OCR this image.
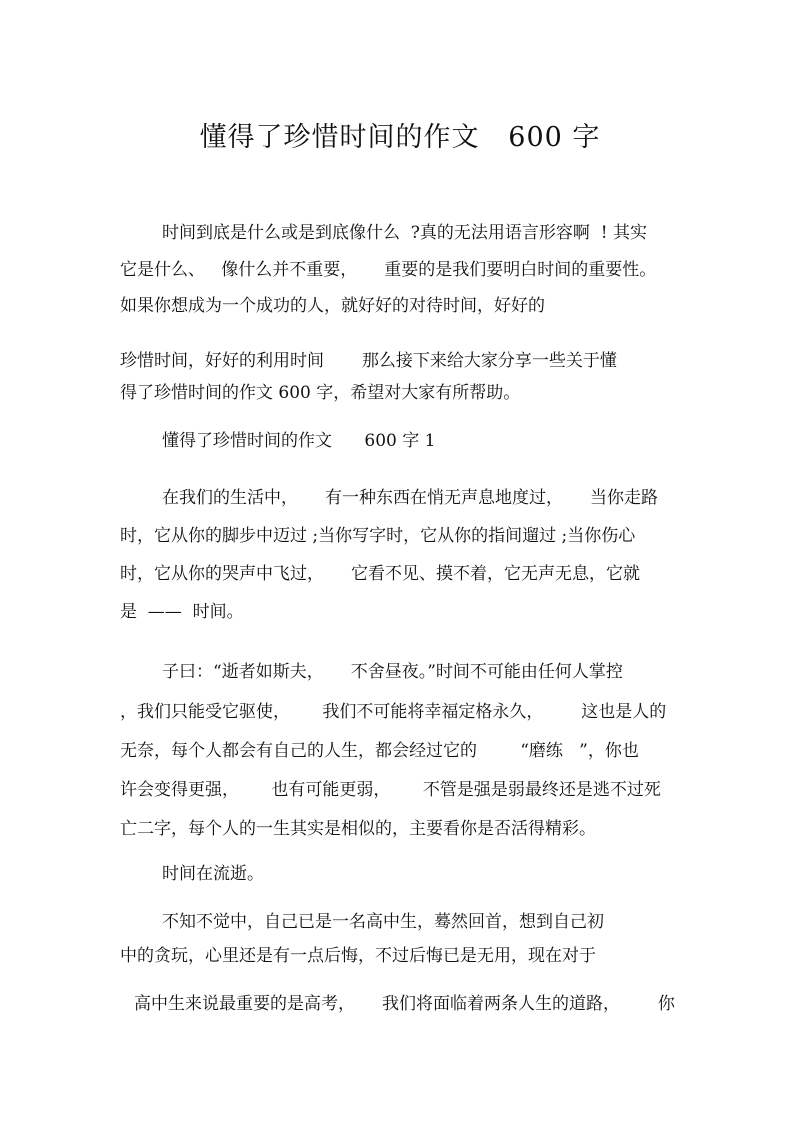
懂得了珍惜时间的作文   600 字
时间到底是什么或是到底像什么  ?真的无法用语言形容啊  ! 其实
它是什么、   像什么并不重要，     重要的是我们要明白时间的重要性。
如果你想成为一个成功的人，就好好的对待时间，好好的
珍惜时间，好好的利用时间       那么接下来给大家分享一些关于懂
得了珍惜时间的作文 600 字，希望对大家有所帮助。
懂得了珍惜时间的作文      600 字 1
在我们的生活中，     有一种东西在悄无声息地度过，     当你走路
时，它从你的脚步中迈过 ;当你写字时，它从你的指间遛过 ;当你伤心
时，它从你的哭声中飞过，     它看不见、摸不着，它无声无息，它就
是  ——  时间。
子曰：“逝者如斯夫，     不舍昼夜。”时间不可能由任何人掌控
，我们只能受它驱使，      我们不可能将幸福定格永久，       这也是人的
无奈，每个人都会有自己的人生，都会经过它的        “磨练   ”，你也
许会变得更强，      也有可能更弱，      不管是强是弱最终还是逃不过死
亡二字，每个人的一生其实是相似的，主要看你是否活得精彩。
时间在流逝。
不知不觉中，自己已是一名高中生，蓦然回首，想到自己初
中的贪玩，心里还是有一点后悔，不过后悔已是无用，现在对于
高中生来说最重要的是高考，     我们将面临着两条人生的道路，       你
